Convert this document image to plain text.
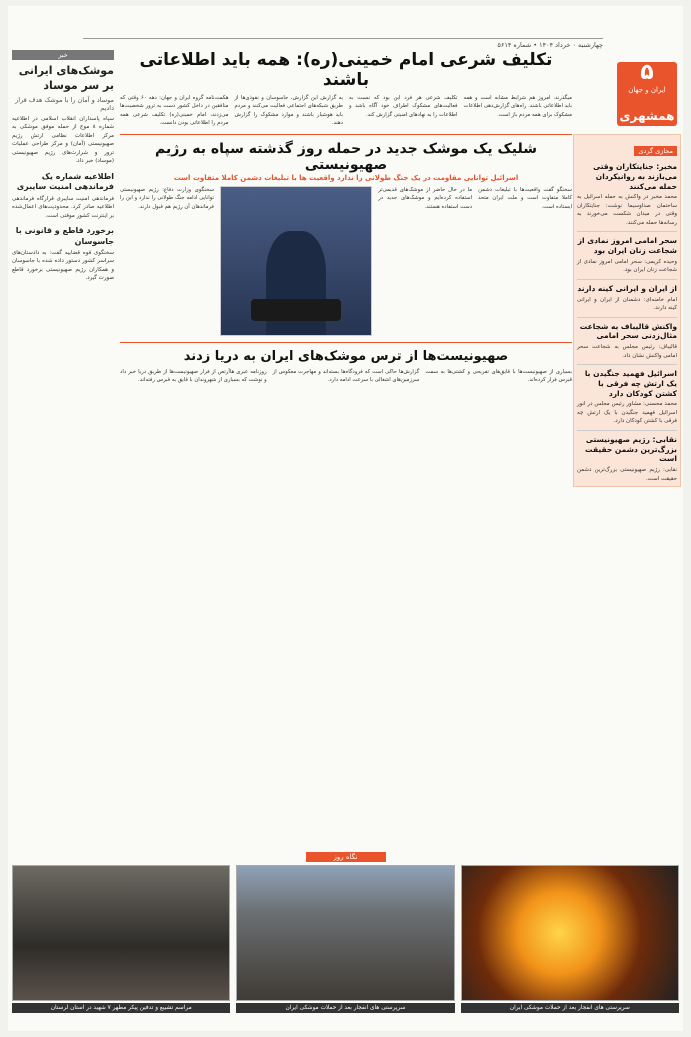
چهارشنبه ۰ خرداد ۱۴۰۴ • شماره ۵۶۱۴
۵
ایران و جهان
همشهری
مجازی گردی
مخبر: جنایتکاران وقتی می‌بازند به روانیکردان حمله می‌کنند

محمد مخبر در واکنش به حمله اسرائیل به ساختمان صداوسیما نوشت: جنایتکاران وقتی در میدان شکست می‌خورند به رسانه‌ها حمله می‌کنند.

سحر امامی امروز نمادی از شجاعت زنان ایران بود

وحیده کریمی: سحر امامی امروز نمادی از شجاعت زنان ایران بود.

از ایران و ایرانی کینه دارند

امام خامنه‌ای: دشمنان از ایران و ایرانی کینه دارند.

واکنش قالیباف به شجاعت مثال‌زدنی سحر امامی

قالیباف: رئیس مجلس به شجاعت سحر امامی واکنش نشان داد.

اسرائیل فهمید جنگیدن با یک ارتش چه فرقی با کشتن کودکان دارد

محمد محسنی: مشاور رئیس مجلس در انور اسرائیل فهمید جنگیدن با یک ارتش چه فرقی با کشتن کودکان دارد.

نقابی: رژیم صهیونیستی بزرگ‌ترین دشمن حقیقت است

نقابی: رژیم صهیونیستی بزرگ‌ترین دشمن حقیقت است.

خبر
موشک‌های ایرانی بر سر موساد
موساد و آمان را با موشک هدف قرار دادیم

سپاه پاسداران انقلاب اسلامی در اطلاعیه شماره ۸ موج از حمله موفق موشکی به مرکز اطلاعات نظامی ارتش رژیم صهیونیستی (آمان) و مرکز طراحی عملیات ترور و شرارت‌های رژیم صهیونیستی (موساد) خبر داد.

اطلاعیه شماره یک فرماندهی امنیت سایبری

فرماندهی امنیت سایبری قرارگاه فرماندهی اطلاعیه صادر کرد. محدودیت‌های اعمال‌شده بر اینترنت کشور موقتی است.

برخورد قاطع و قانونی با جاسوسان

سخنگوی قوه قضاییه گفت: به دادستان‌های سراسر کشور دستور داده شده با جاسوسان و همکاران رژیم صهیونیستی برخورد قاطع صورت گیرد.

تکلیف شرعی امام خمینی(ره): همه باید اطلاعاتی باشند
میگذرند. امروز هم شرایط مشابه است و همه باید اطلاعاتی باشند. راه‌های گزارش‌دهی اطلاعات مشکوک برای همه مردم باز است.
تکلیف شرعی هر فرد این بود که نسبت به فعالیت‌های مشکوک اطراف خود آگاه باشد و اطلاعات را به نهادهای امنیتی گزارش کند.
به گزارش این گزارش، جاسوسان و نفوذی‌ها از طریق شبکه‌های اجتماعی فعالیت می‌کنند و مردم باید هوشیار باشند و موارد مشکوک را گزارش دهند.
هکمت‌نامه گروه ایران و جهان: دهه ۶۰ وقتی که منافقین در داخل کشور دست به ترور شخصیت‌ها می‌زدند، امام خمینی(ره) تکلیف شرعی همه مردم را اطلاعاتی بودن دانست.
شلیک یک موشک جدید در حمله روز گذشته سپاه به رژیم صهیونیستی
اسرائیل توانایی مقاومت در یک جنگ طولانی را ندارد واقعیت ها با تبلیغات دشمن کاملا متفاوت است
سخنگو گفت واقعیت‌ها با تبلیغات دشمن کاملا متفاوت است و ملت ایران متحد ایستاده است.
ما در حال حاضر از موشک‌های قدیمی‌تر استفاده کرده‌ایم و موشک‌های جدید در دست استفاده هستند.
سخنگوی وزارت دفاع: رژیم صهیونیستی توانایی ادامه جنگ طولانی را ندارد و این را فرماندهان آن رژیم هم قبول دارند.
صهیونیست‌ها از ترس موشک‌های ایران به دریا زدند
بسیاری از صهیونیست‌ها با قایق‌های تفریحی و کشتی‌ها به سمت قبرس فرار کرده‌اند.
گزارش‌ها حاکی است که فرودگاه‌ها بسته‌اند و مهاجرت معکوس از سرزمین‌های اشغالی با سرعت ادامه دارد.
روزنامه عبری هاآرتص از فرار صهیونیست‌ها از طریق دریا خبر داد و نوشت که بسیاری از شهروندان با قایق به قبرس رفته‌اند.
نگاه روز
سرپرستی های انفجار بعد از حملات موشکی ایران
سرپرستی های انفجار بعد از حملات موشکی ایران
مراسم تشییع و تدفین پیکر مطهر ۷ شهید در استان لرستان
